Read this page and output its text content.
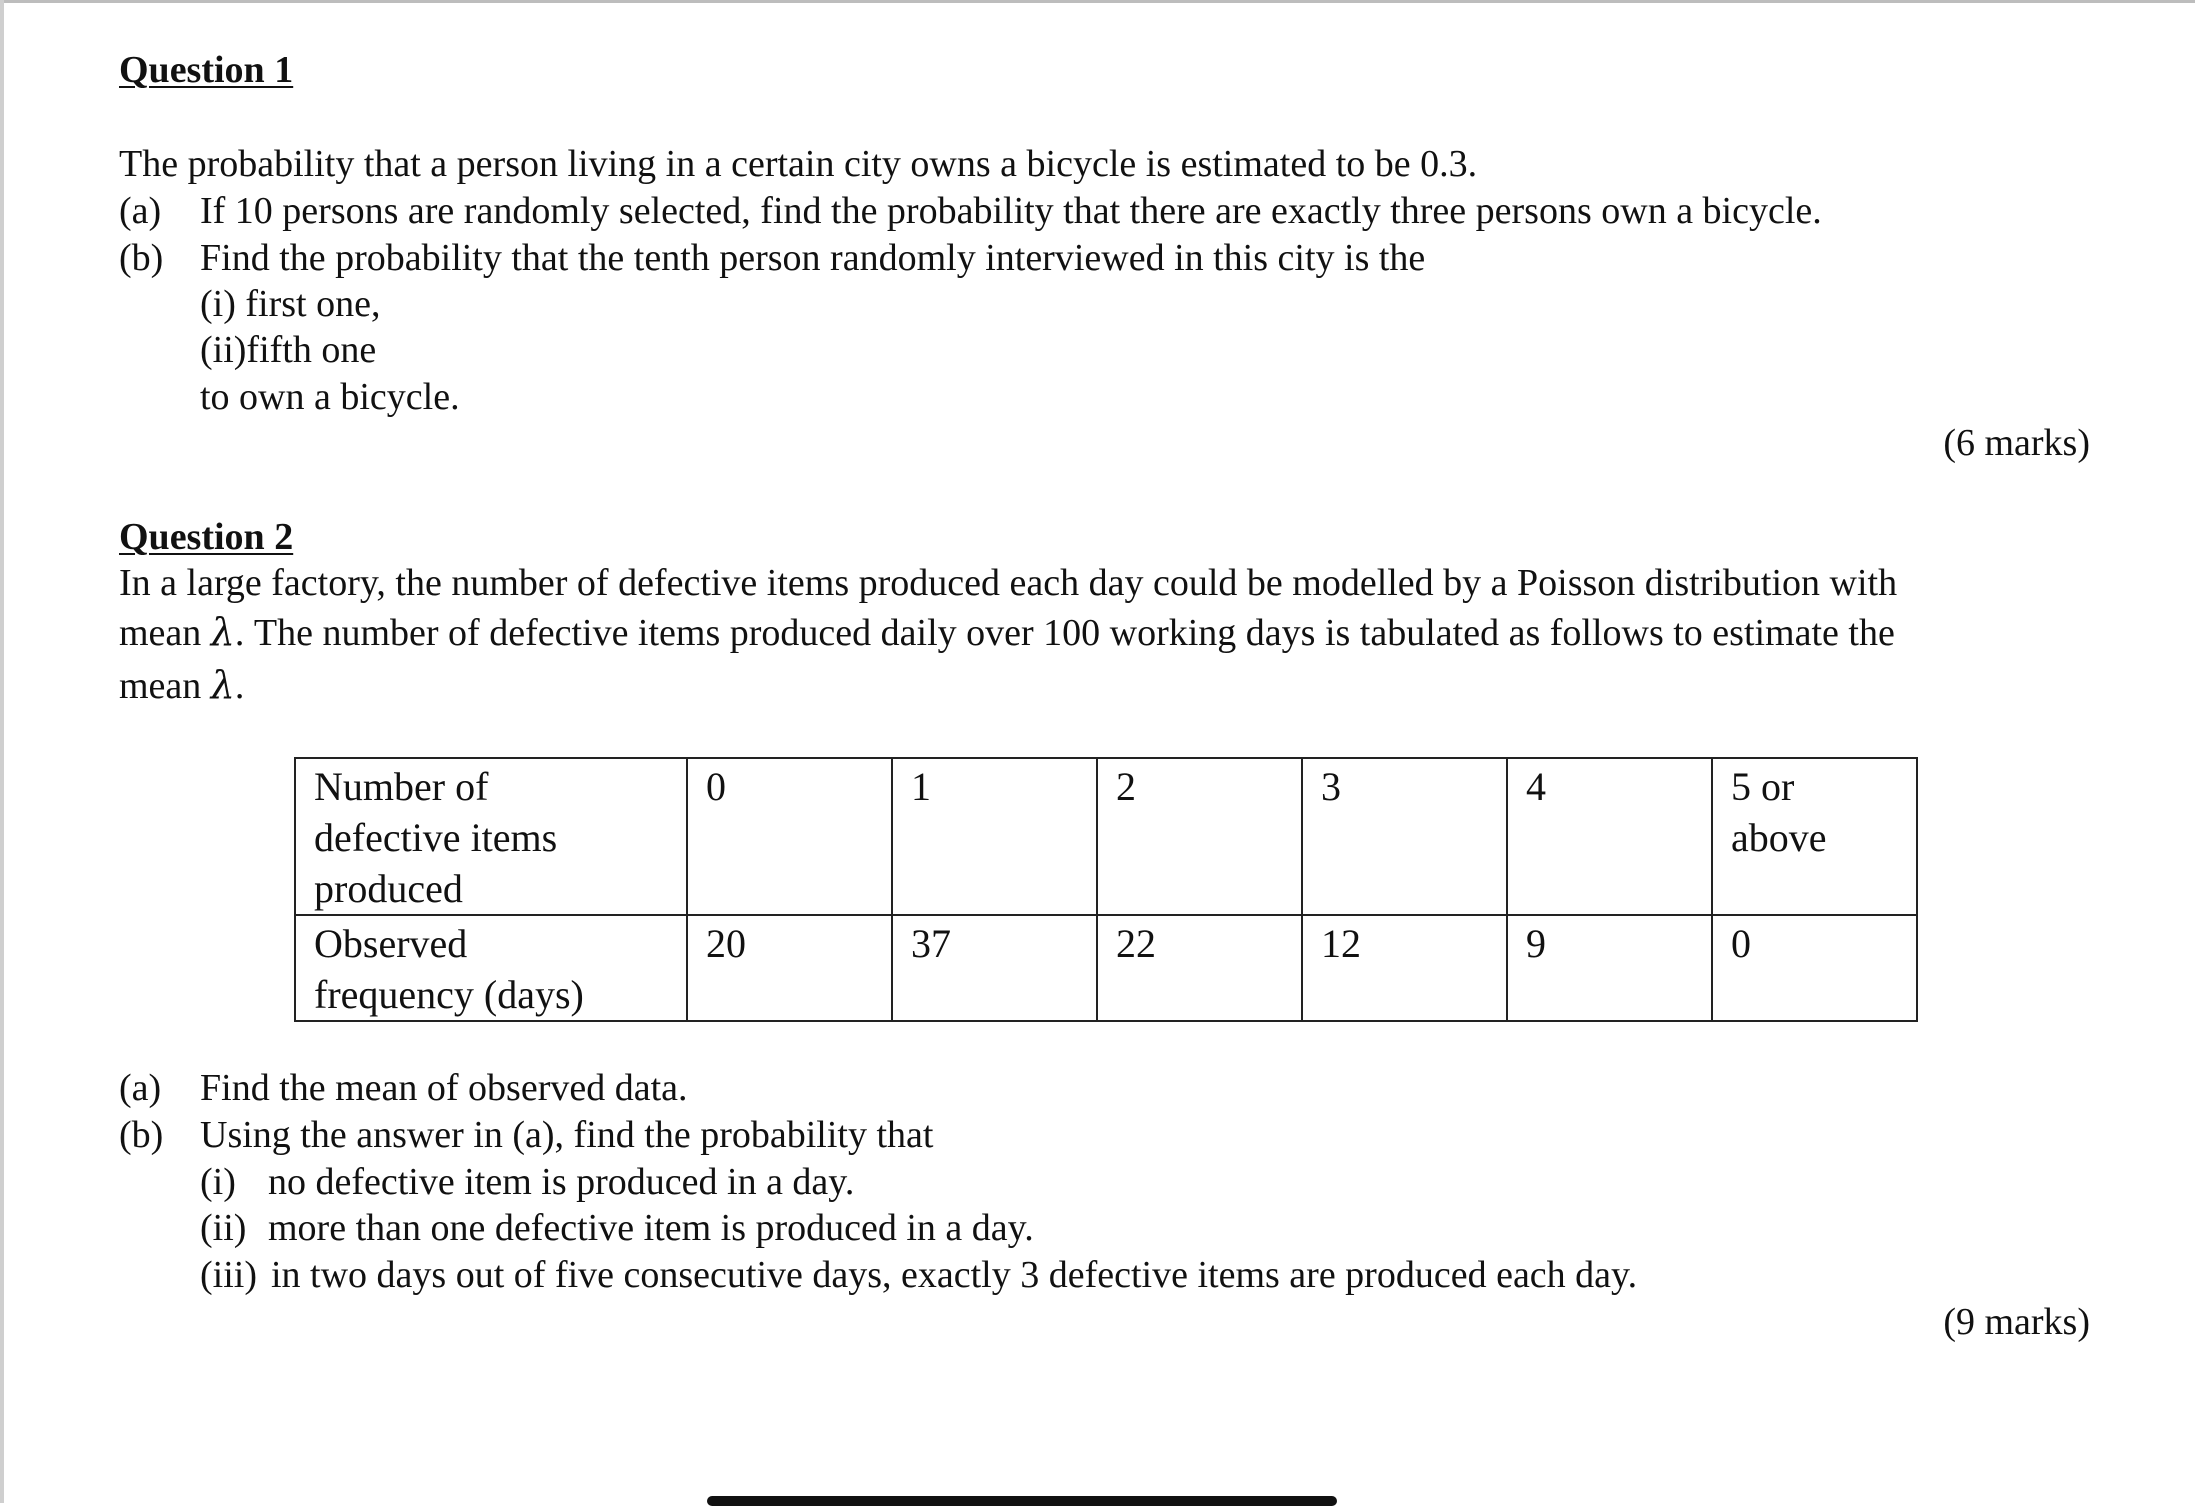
Question 1
The probability that a person living in a certain city owns a bicycle is estimated to be 0.3.
(a) If 10 persons are randomly selected, find the probability that there are exactly three persons own a bicycle.
(b) Find the probability that the tenth person randomly interviewed in this city is the
(i) first one,
(ii)fifth one
to own a bicycle.
(6 marks)
Question 2
In a large factory, the number of defective items produced each day could be modelled by a Poisson distribution with
mean λ. The number of defective items produced daily over 100 working days is tabulated as follows to estimate the
mean λ.
Number of
defective items
produced	0	1	2	3	4	5 or above

Observed
frequency (days)	20	37	22	12	9	0
(a) Find the mean of observed data.
(b) Using the answer in (a), find the probability that
(i) no defective item is produced in a day.
(ii) more than one defective item is produced in a day.
(iii) in two days out of five consecutive days, exactly 3 defective items are produced each day.
(9 marks)
